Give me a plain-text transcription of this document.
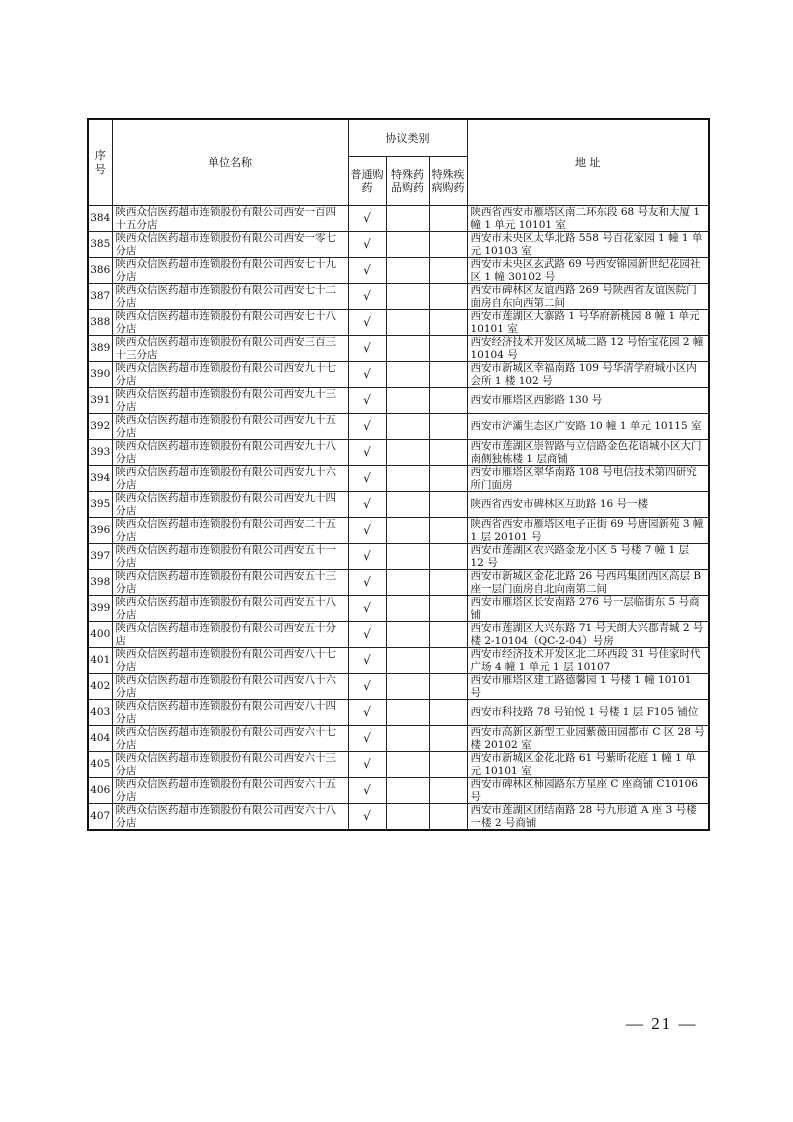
序号	单位名称	协议类别			地 址

		普通购药	特殊药品购药	特殊疾病购药	

384	陕西众信医药超市连锁股份有限公司西安一百四十五分店	√			陕西省西安市雁塔区南二环东段 68 号友和大厦 1 幢 1 单元 10101 室
385	陕西众信医药超市连锁股份有限公司西安一零七分店	√			西安市未央区太华北路 558 号百花家园 1 幢 1 单元 10103 室
386	陕西众信医药超市连锁股份有限公司西安七十九分店	√			西安市未央区玄武路 69 号西安锦园新世纪花园社区 1 幢 30102 号
387	陕西众信医药超市连锁股份有限公司西安七十二分店	√			西安市碑林区友谊西路 269 号陕西省友谊医院门面房自东向西第二间
388	陕西众信医药超市连锁股份有限公司西安七十八分店	√			西安市莲湖区大寨路 1 号华府新桃园 8 幢 1 单元 10101 室
389	陕西众信医药超市连锁股份有限公司西安三百三十三分店	√			西安经济技术开发区凤城二路 12 号怡宝花园 2 幢 10104 号
390	陕西众信医药超市连锁股份有限公司西安九十七分店	√			西安市新城区幸福南路 109 号华清学府城小区内会所 1 楼 102 号
391	陕西众信医药超市连锁股份有限公司西安九十三分店	√			西安市雁塔区西影路 130 号
392	陕西众信医药超市连锁股份有限公司西安九十五分店	√			西安市浐灞生态区广安路 10 幢 1 单元 10115 室
393	陕西众信医药超市连锁股份有限公司西安九十八分店	√			西安市莲湖区崇智路与立信路金色花语城小区大门南侧独栋楼 1 层商铺
394	陕西众信医药超市连锁股份有限公司西安九十六分店	√			西安市雁塔区翠华南路 108 号电信技术第四研究所门面房
395	陕西众信医药超市连锁股份有限公司西安九十四分店	√			陕西省西安市碑林区互助路 16 号一楼
396	陕西众信医药超市连锁股份有限公司西安二十五分店	√			陕西省西安市雁塔区电子正街 69 号唐园新苑 3 幢 1 层 20101 号
397	陕西众信医药超市连锁股份有限公司西安五十一分店	√			西安市莲湖区农兴路金龙小区 5 号楼 7 幢 1 层 12 号
398	陕西众信医药超市连锁股份有限公司西安五十三分店	√			西安市新城区金花北路 26 号西玛集团西区高层 B 座一层门面房自北向南第二间
399	陕西众信医药超市连锁股份有限公司西安五十八分店	√			西安市雁塔区长安南路 276 号一层临街东 5 号商铺
400	陕西众信医药超市连锁股份有限公司西安五十分店	√			西安市莲湖区大兴东路 71 号天朗大兴郡青城 2 号楼 2-10104（QC-2-04）号房
401	陕西众信医药超市连锁股份有限公司西安八十七分店	√			西安市经济技术开发区北二环西段 31 号佳家时代广场 4 幢 1 单元 1 层 10107
402	陕西众信医药超市连锁股份有限公司西安八十六分店	√			西安市雁塔区建工路德馨园 1 号楼 1 幢 10101 号
403	陕西众信医药超市连锁股份有限公司西安八十四分店	√			西安市科技路 78 号铂悦 1 号楼 1 层 F105 铺位
404	陕西众信医药超市连锁股份有限公司西安六十七分店	√			西安市高新区新型工业园紫薇田园都市 C 区 28 号楼 20102 室
405	陕西众信医药超市连锁股份有限公司西安六十三分店	√			西安市新城区金花北路 61 号紫昕花庭 1 幢 1 单元 10101 室
406	陕西众信医药超市连锁股份有限公司西安六十五分店	√			西安市碑林区柿园路东方星座 C 座商铺 C10106 号
407	陕西众信医药超市连锁股份有限公司西安六十八分店	√			西安市莲湖区团结南路 28 号九形道 A 座 3 号楼一楼 2 号商铺
— 21 —
